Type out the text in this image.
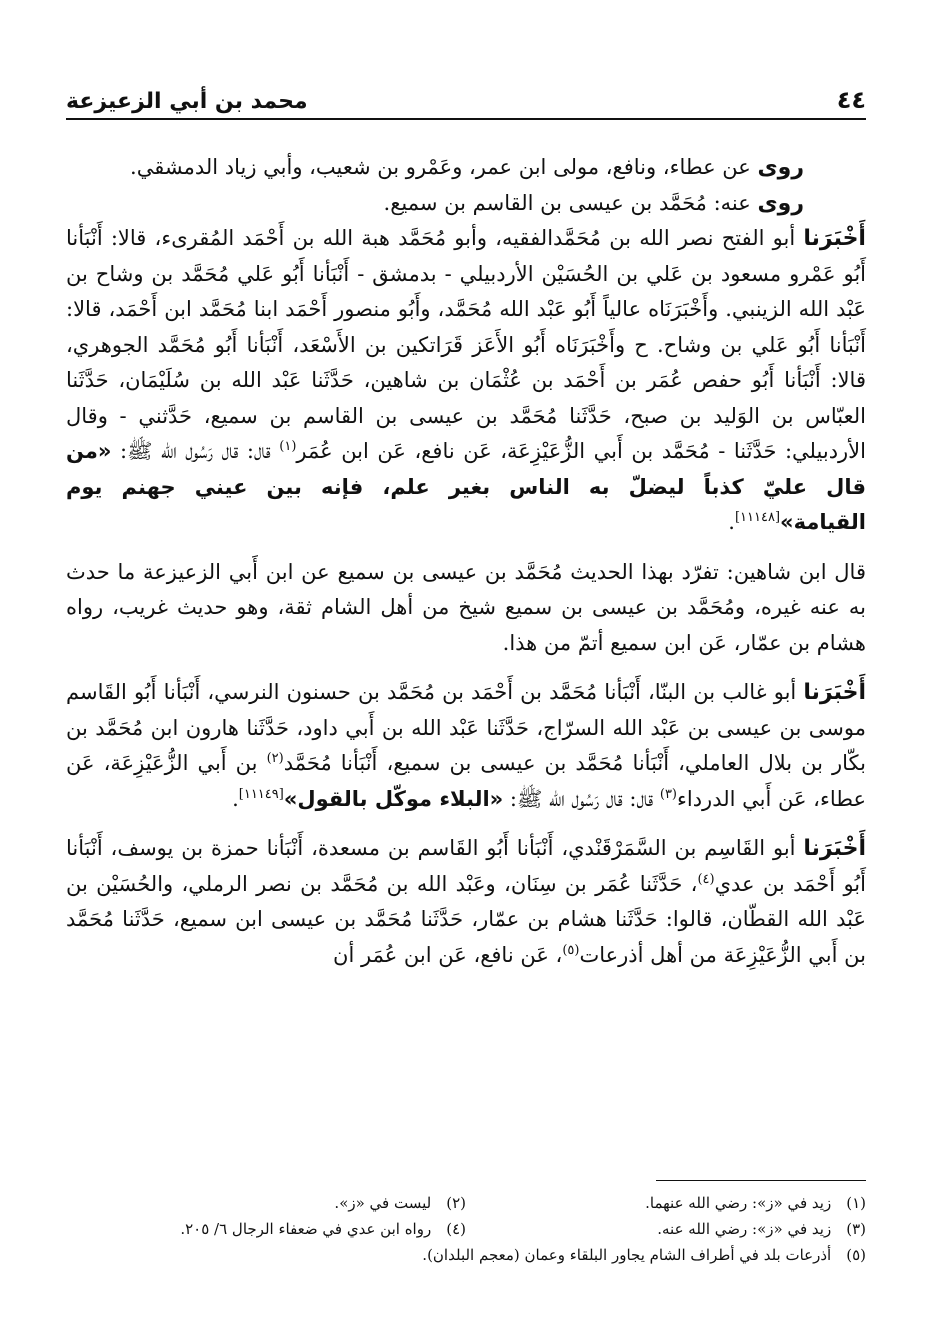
٤٤
محمد بن أبي الزعيزعة

روى عن عطاء، ونافع، مولى ابن عمر، وعَمْرو بن شعيب، وأبي زياد الدمشقي.

روى عنه: مُحَمَّد بن عيسى بن القاسم بن سميع.

أَخْبَرَنا أبو الفتح نصر الله بن مُحَمَّدالفقيه، وأبو مُحَمَّد هبة الله بن أَحْمَد المُقرىء، قالا: أَنْبَأنا أَبُو عَمْرو مسعود بن عَلي بن الحُسَيْن الأردبيلي - بدمشق - أَنْبَأنا أَبُو عَلي مُحَمَّد بن وشاح بن عَبْد الله الزينبي. وأَخْبَرَنَاه عالياً أَبُو عَبْد الله مُحَمَّد، وأَبُو منصور أَحْمَد ابنا مُحَمَّد ابن أَحْمَد، قالا: أَنْبَأنا أَبُو عَلي بن وشاح. ح وأَخْبَرَنَاه أَبُو الأَعَز قَرَاتكين بن الأَسْعَد، أَنْبَأنا أَبُو مُحَمَّد الجوهري، قالا: أَنْبَأنا أَبُو حفص عُمَر بن أَحْمَد بن عُثْمَان بن شاهين، حَدَّثَنا عَبْد الله بن سُلَيْمَان، حَدَّثَنا العبّاس بن الوَليد بن صبح، حَدَّثَنا مُحَمَّد بن عيسى بن القاسم بن سميع، حَدَّثني - وقال الأردبيلي: حَدَّثَنا - مُحَمَّد بن أَبي الزُّعَيْزِعَة، عَن نافع، عَن ابن عُمَر$^{(١)}$ قال: قال رَسُول الله ﷺ: «من قال عليّ كذباً ليضلّ به الناس بغير علم، فإنه بين عيني جهنم يوم القيامة»[١١١٤٨].

قال ابن شاهين: تفرّد بهذا الحديث مُحَمَّد بن عيسى بن سميع عن ابن أَبي الزعيزعة ما حدث به عنه غيره، ومُحَمَّد بن عيسى بن سميع شيخ من أهل الشام ثقة، وهو حديث غريب، رواه هشام بن عمّار، عَن ابن سميع أتمّ من هذا.

أَخْبَرَنا أبو غالب بن البنّا، أَنْبَأنا مُحَمَّد بن أَحْمَد بن مُحَمَّد بن حسنون النرسي، أَنْبَأنا أَبُو القَاسم موسى بن عيسى بن عَبْد الله السرّاج، حَدَّثَنا عَبْد الله بن أَبي داود، حَدَّثَنا هارون ابن مُحَمَّد بن بكّار بن بلال العاملي، أَنْبَأنا مُحَمَّد بن عيسى بن سميع، أَنْبَأنا مُحَمَّد$^{(٢)}$ بن أَبي الزُّعَيْزِعَة، عَن عطاء، عَن أَبي الدرداء$^{(٣)}$ قال: قال رَسُول الله ﷺ: «البلاء موكّل بالقول»[١١١٤٩].

أَخْبَرَنا أبو القَاسِم بن السَّمَرْقَنْدي، أَنْبَأنا أَبُو القَاسم بن مسعدة، أَنْبَأنا حمزة بن يوسف، أَنْبَأنا أَبُو أَحْمَد بن عدي$^{(٤)}$، حَدَّثَنا عُمَر بن سِنَان، وعَبْد الله بن مُحَمَّد بن نصر الرملي، والحُسَيْن بن عَبْد الله القطّان، قالوا: حَدَّثَنا هشام بن عمّار، حَدَّثَنا مُحَمَّد بن عيسى ابن سميع، حَدَّثَنا مُحَمَّد بن أَبي الزُّعَيْزِعَة من أهل أذرعات$^{(٥)}$، عَن نافع، عَن ابن عُمَر أن

(١) زيد في «ز»: رضي الله عنهما.
(٢) ليست في «ز».
(٣) زيد في «ز»: رضي الله عنه.
(٤) رواه ابن عدي في ضعفاء الرجال ٦/ ٢٠٥.
(٥) أذرعات بلد في أطراف الشام يجاور البلقاء وعمان (معجم البلدان).
